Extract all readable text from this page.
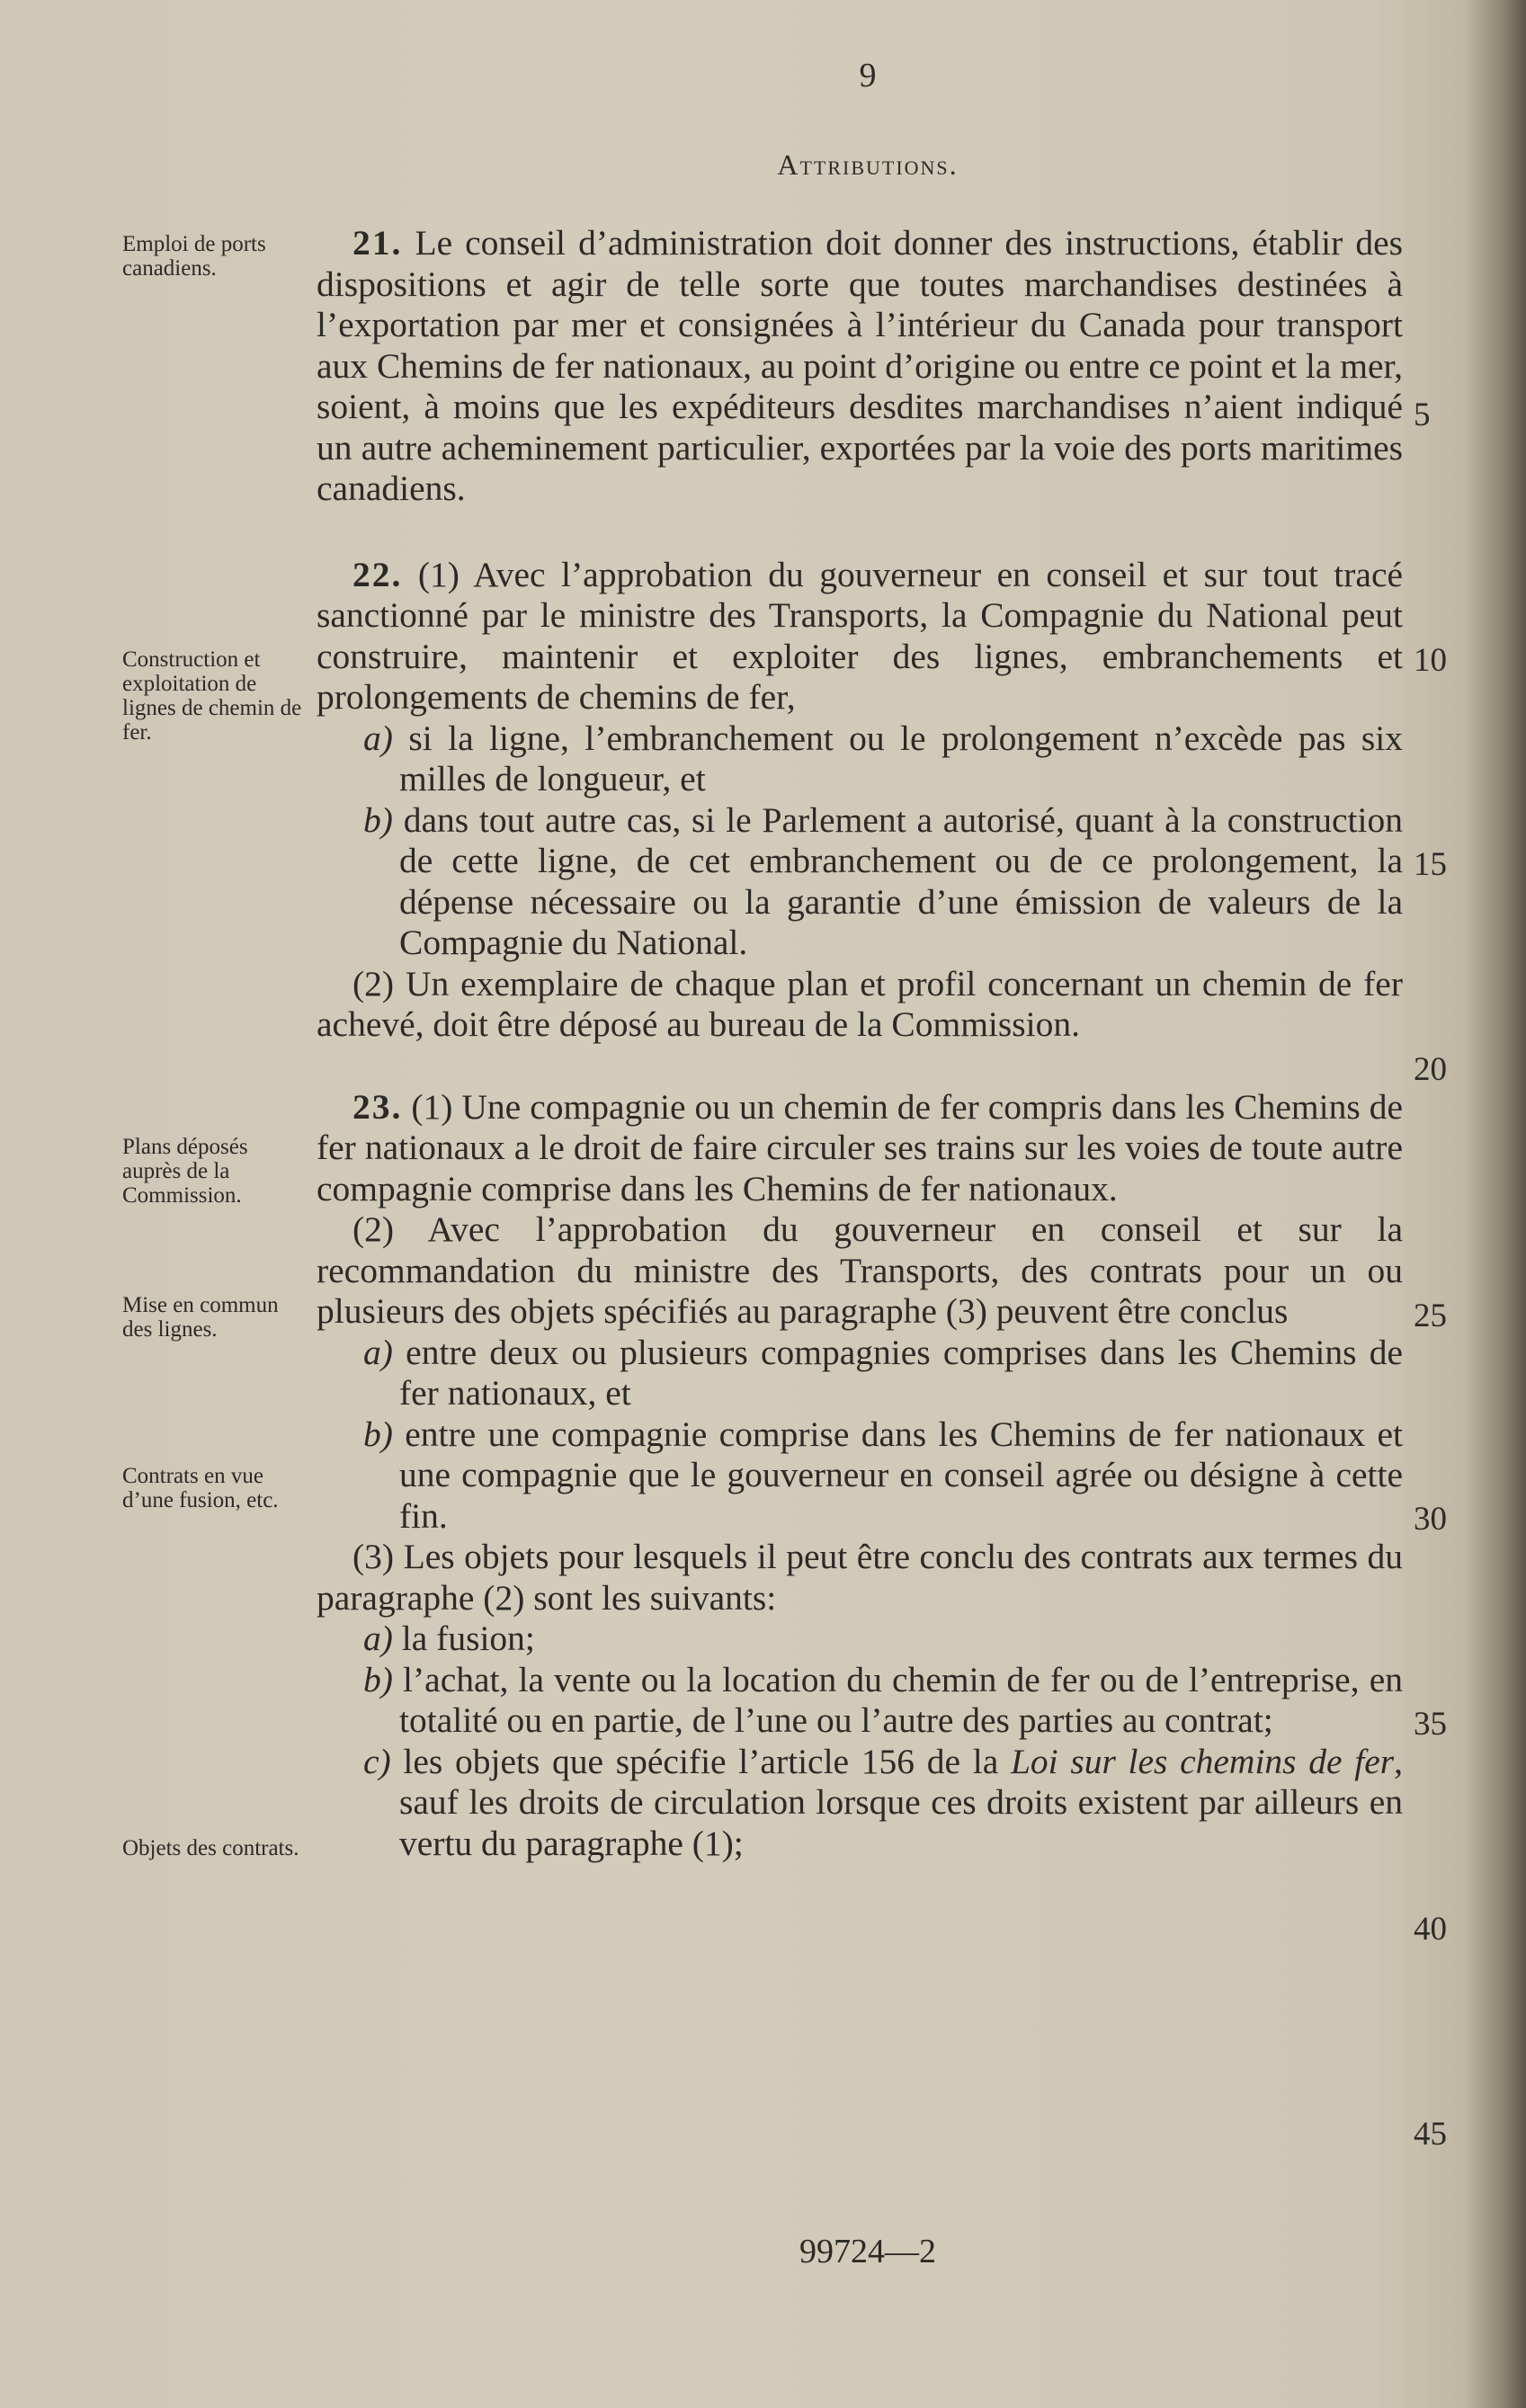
9
Attributions.
Emploi de ports canadiens.
Construction et exploitation de lignes de chemin de fer.
Plans déposés auprès de la Commission.
Mise en commun des lignes.
Contrats en vue d’une fusion, etc.
Objets des contrats.
5
10
15
20
25
30
35
40
45

21. Le conseil d’administration doit donner des instructions, établir des dispositions et agir de telle sorte que toutes marchandises destinées à l’exportation par mer et consignées à l’intérieur du Canada pour transport aux Chemins de fer nationaux, au point d’origine ou entre ce point et la mer, soient, à moins que les expéditeurs desdites marchandises n’aient indiqué un autre acheminement particulier, exportées par la voie des ports maritimes canadiens.

22. (1) Avec l’approbation du gouverneur en conseil et sur tout tracé sanctionné par le ministre des Transports, la Compagnie du National peut construire, maintenir et exploiter des lignes, embranchements et prolongements de chemins de fer,

a) si la ligne, l’embranchement ou le prolongement n’excède pas six milles de longueur, et

b) dans tout autre cas, si le Parlement a autorisé, quant à la construction de cette ligne, de cet embranchement ou de ce prolongement, la dépense nécessaire ou la garantie d’une émission de valeurs de la Compagnie du National.

(2) Un exemplaire de chaque plan et profil concernant un chemin de fer achevé, doit être déposé au bureau de la Commission.

23. (1) Une compagnie ou un chemin de fer compris dans les Chemins de fer nationaux a le droit de faire circuler ses trains sur les voies de toute autre compagnie comprise dans les Chemins de fer nationaux.

(2) Avec l’approbation du gouverneur en conseil et sur la recommandation du ministre des Transports, des contrats pour un ou plusieurs des objets spécifiés au paragraphe (3) peuvent être conclus

a) entre deux ou plusieurs compagnies comprises dans les Chemins de fer nationaux, et

b) entre une compagnie comprise dans les Chemins de fer nationaux et une compagnie que le gouverneur en conseil agrée ou désigne à cette fin.

(3) Les objets pour lesquels il peut être conclu des contrats aux termes du paragraphe (2) sont les suivants:

a) la fusion;

b) l’achat, la vente ou la location du chemin de fer ou de l’entreprise, en totalité ou en partie, de l’une ou l’autre des parties au contrat;

c) les objets que spécifie l’article 156 de la Loi sur les chemins de fer, sauf les droits de circulation lorsque ces droits existent par ailleurs en vertu du paragraphe (1);

99724—2
